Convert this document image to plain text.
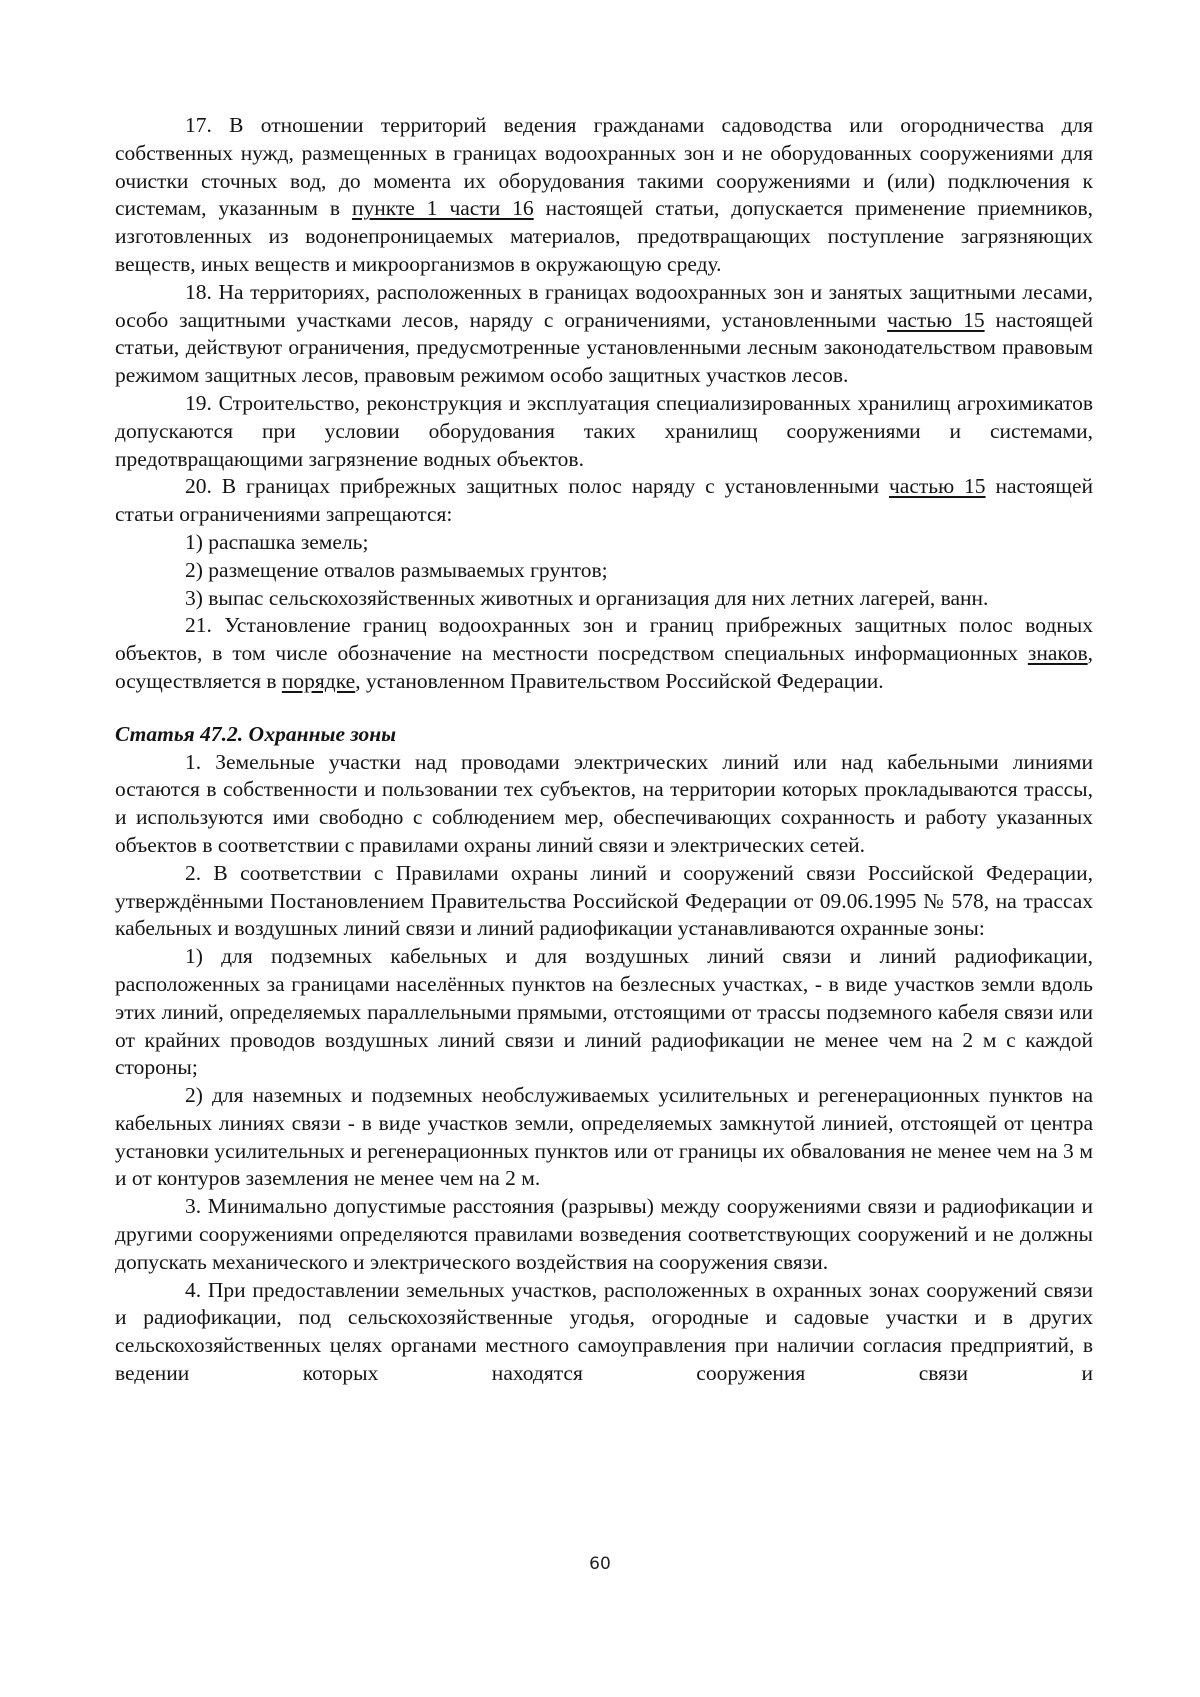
17. В отношении территорий ведения гражданами садоводства или огородничества для собственных нужд, размещенных в границах водоохранных зон и не оборудованных сооружениями для очистки сточных вод, до момента их оборудования такими сооружениями и (или) подключения к системам, указанным в пункте 1 части 16 настоящей статьи, допускается применение приемников, изготовленных из водонепроницаемых материалов, предотвращающих поступление загрязняющих веществ, иных веществ и микроорганизмов в окружающую среду.

18. На территориях, расположенных в границах водоохранных зон и занятых защитными лесами, особо защитными участками лесов, наряду с ограничениями, установленными частью 15 настоящей статьи, действуют ограничения, предусмотренные установленными лесным законодательством правовым режимом защитных лесов, правовым режимом особо защитных участков лесов.

19. Строительство, реконструкция и эксплуатация специализированных хранилищ агрохимикатов допускаются при условии оборудования таких хранилищ сооружениями и системами, предотвращающими загрязнение водных объектов.

20. В границах прибрежных защитных полос наряду с установленными частью 15 настоящей статьи ограничениями запрещаются:

1) распашка земель;

2) размещение отвалов размываемых грунтов;

3) выпас сельскохозяйственных животных и организация для них летних лагерей, ванн.

21. Установление границ водоохранных зон и границ прибрежных защитных полос водных объектов, в том числе обозначение на местности посредством специальных информационных знаков, осуществляется в порядке, установленном Правительством Российской Федерации.

Статья 47.2. Охранные зоны

1. Земельные участки над проводами электрических линий или над кабельными линиями остаются в собственности и пользовании тех субъектов, на территории которых прокладываются трассы, и используются ими свободно с соблюдением мер, обеспечивающих сохранность и работу указанных объектов в соответствии с правилами охраны линий связи и электрических сетей.

2. В соответствии с Правилами охраны линий и сооружений связи Российской Федерации, утверждёнными Постановлением Правительства Российской Федерации от 09.06.1995 № 578, на трассах кабельных и воздушных линий связи и линий радиофикации устанавливаются охранные зоны:

1) для подземных кабельных и для воздушных линий связи и линий радиофикации, расположенных за границами населённых пунктов на безлесных участках, - в виде участков земли вдоль этих линий, определяемых параллельными прямыми, отстоящими от трассы подземного кабеля связи или от крайних проводов воздушных линий связи и линий радиофикации не менее чем на 2 м с каждой стороны;

2) для наземных и подземных необслуживаемых усилительных и регенерационных пунктов на кабельных линиях связи - в виде участков земли, определяемых замкнутой линией, отстоящей от центра установки усилительных и регенерационных пунктов или от границы их обвалования не менее чем на 3 м и от контуров заземления не менее чем на 2 м.

3. Минимально допустимые расстояния (разрывы) между сооружениями связи и радиофикации и другими сооружениями определяются правилами возведения соответствующих сооружений и не должны допускать механического и электрического воздействия на сооружения связи.

4. При предоставлении земельных участков, расположенных в охранных зонах сооружений связи и радиофикации, под сельскохозяйственные угодья, огородные и садовые участки и в других сельскохозяйственных целях органами местного самоуправления при наличии согласия предприятий, в ведении которых находятся сооружения связи и

60
